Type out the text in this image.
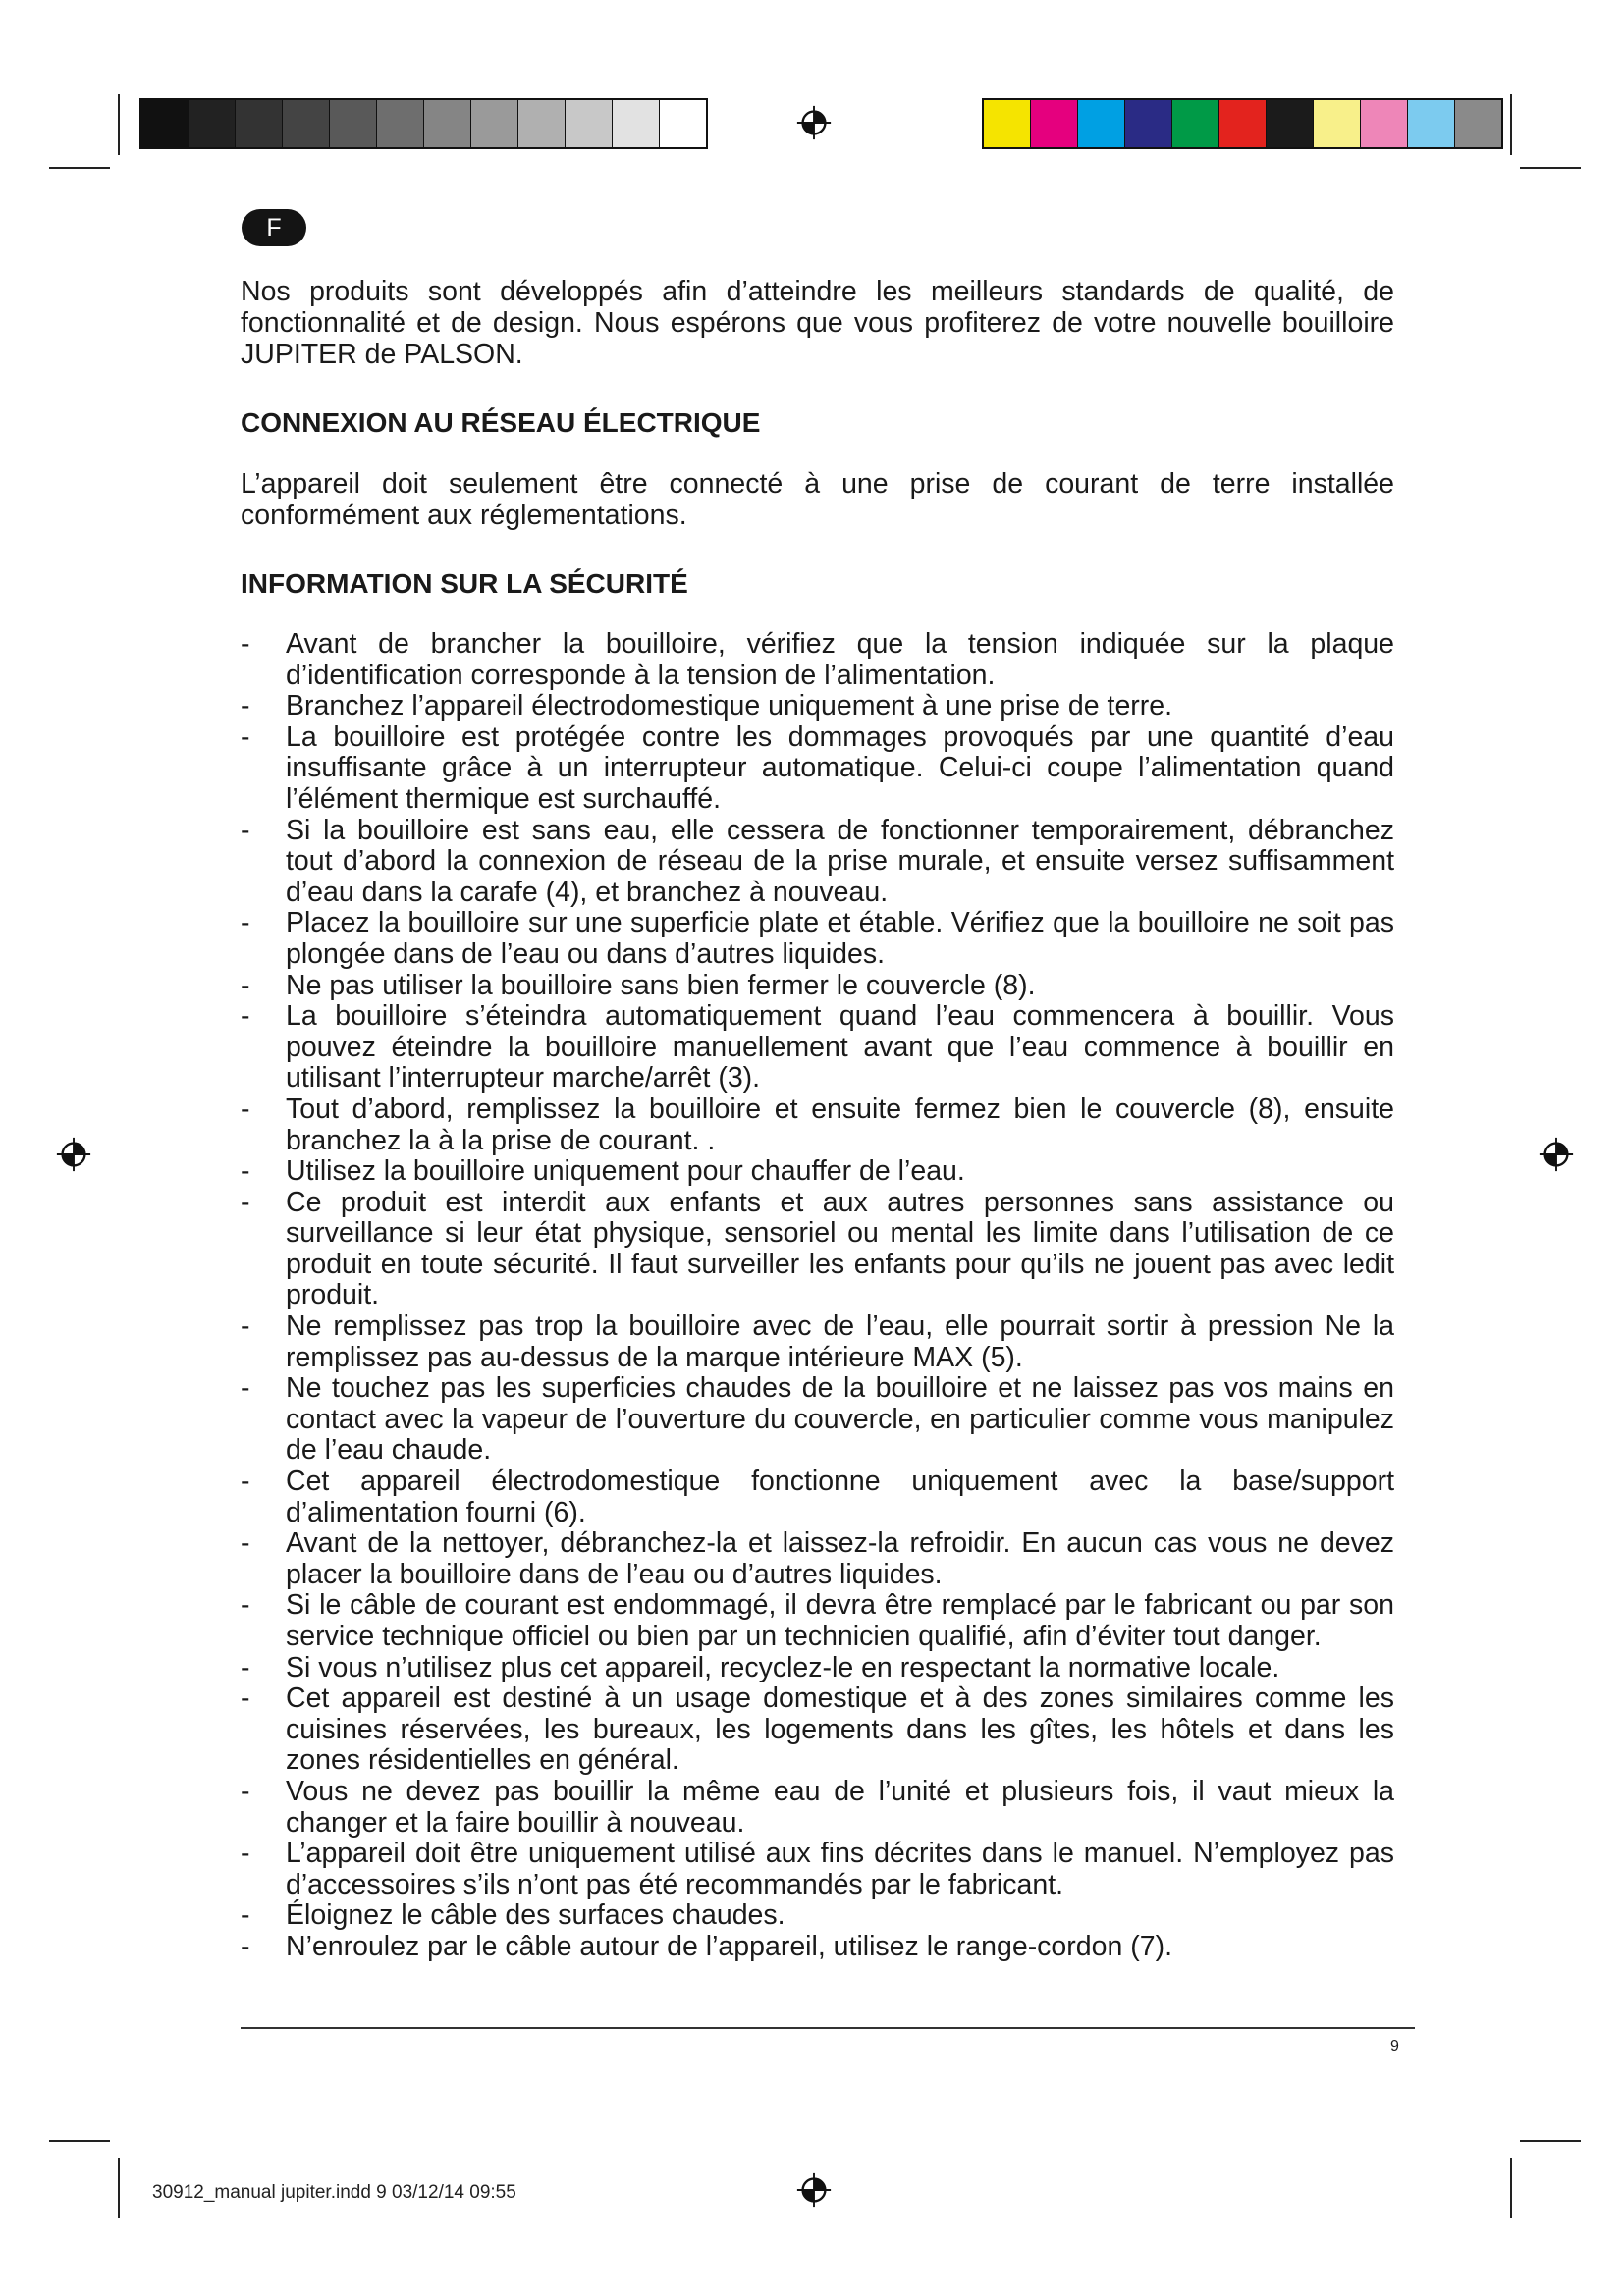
F

Nos produits sont développés afin d’atteindre les meilleurs standards de qualité, de fonctionnalité et de design. Nous espérons que vous profiterez de votre nouvelle bouilloire JUPITER de PALSON.

CONNEXION AU RÉSEAU ÉLECTRIQUE

L’appareil doit seulement être connecté à une prise de courant de terre installée conformément aux réglementations.

INFORMATION SUR LA SÉCURITÉ
- Avant de brancher la bouilloire, vérifiez que la tension indiquée sur la plaque d’identification corresponde à la tension de l’alimentation.
- Branchez l’appareil électrodomestique uniquement à une prise de terre.
- La bouilloire est protégée contre les dommages provoqués par une quantité d’eau insuffisante grâce à un interrupteur automatique. Celui-ci coupe l’alimentation quand l’élément thermique est surchauffé.
- Si la bouilloire est sans eau, elle cessera de fonctionner temporairement, débranchez tout d’abord la connexion de réseau de la prise murale, et ensuite versez suffisamment d’eau dans la carafe (4), et branchez à nouveau.
- Placez la bouilloire sur une superficie plate et étable. Vérifiez que la bouilloire ne soit pas plongée dans de l’eau ou dans d’autres liquides.
- Ne pas utiliser la bouilloire sans bien fermer le couvercle (8).
- La bouilloire s’éteindra automatiquement quand l’eau commencera à bouillir. Vous pouvez éteindre la bouilloire manuellement avant que l’eau commence à bouillir en utilisant l’interrupteur marche/arrêt (3).
- Tout d’abord, remplissez la bouilloire et ensuite fermez bien le couvercle (8), ensuite branchez la à la prise de courant. .
- Utilisez la bouilloire uniquement pour chauffer de l’eau.
- Ce produit est interdit aux enfants et aux autres personnes sans assistance ou surveillance si leur état physique, sensoriel ou mental les limite dans l’utilisation de ce produit en toute sécurité. Il faut surveiller les enfants pour qu’ils ne jouent pas avec ledit produit.
- Ne remplissez pas trop la bouilloire avec de l’eau, elle pourrait sortir à pression Ne la remplissez pas au-dessus de la marque intérieure MAX (5).
- Ne touchez pas les superficies chaudes de la bouilloire et ne laissez pas vos mains en contact avec la vapeur de l’ouverture du couvercle, en particulier comme vous manipulez de l’eau chaude.
- Cet appareil électrodomestique fonctionne uniquement avec la base/support d’alimentation fourni (6).
- Avant de la nettoyer, débranchez-la et laissez-la refroidir. En aucun cas vous ne devez placer la bouilloire dans de l’eau ou d’autres liquides.
- Si le câble de courant est endommagé, il devra être remplacé par le fabricant ou par son service technique officiel ou bien par un technicien qualifié, afin d’éviter tout danger.
- Si vous n’utilisez plus cet appareil, recyclez-le en respectant la normative locale.
- Cet appareil est destiné à un usage domestique et à des zones similaires comme les cuisines réservées, les bureaux, les logements dans les gîtes, les hôtels et dans les zones résidentielles en général.
- Vous ne devez pas bouillir la même eau de l’unité et plusieurs fois, il vaut mieux la changer et la faire bouillir à nouveau.
- L’appareil doit être uniquement utilisé aux fins décrites dans le manuel. N’employez pas d’accessoires s’ils n’ont pas été recommandés par le fabricant.
- Éloignez le câble des surfaces chaudes.
- N’enroulez par le câble autour de l’appareil, utilisez le range-cordon (7).
9
30912_manual jupiter.indd 9 03/12/14 09:55
